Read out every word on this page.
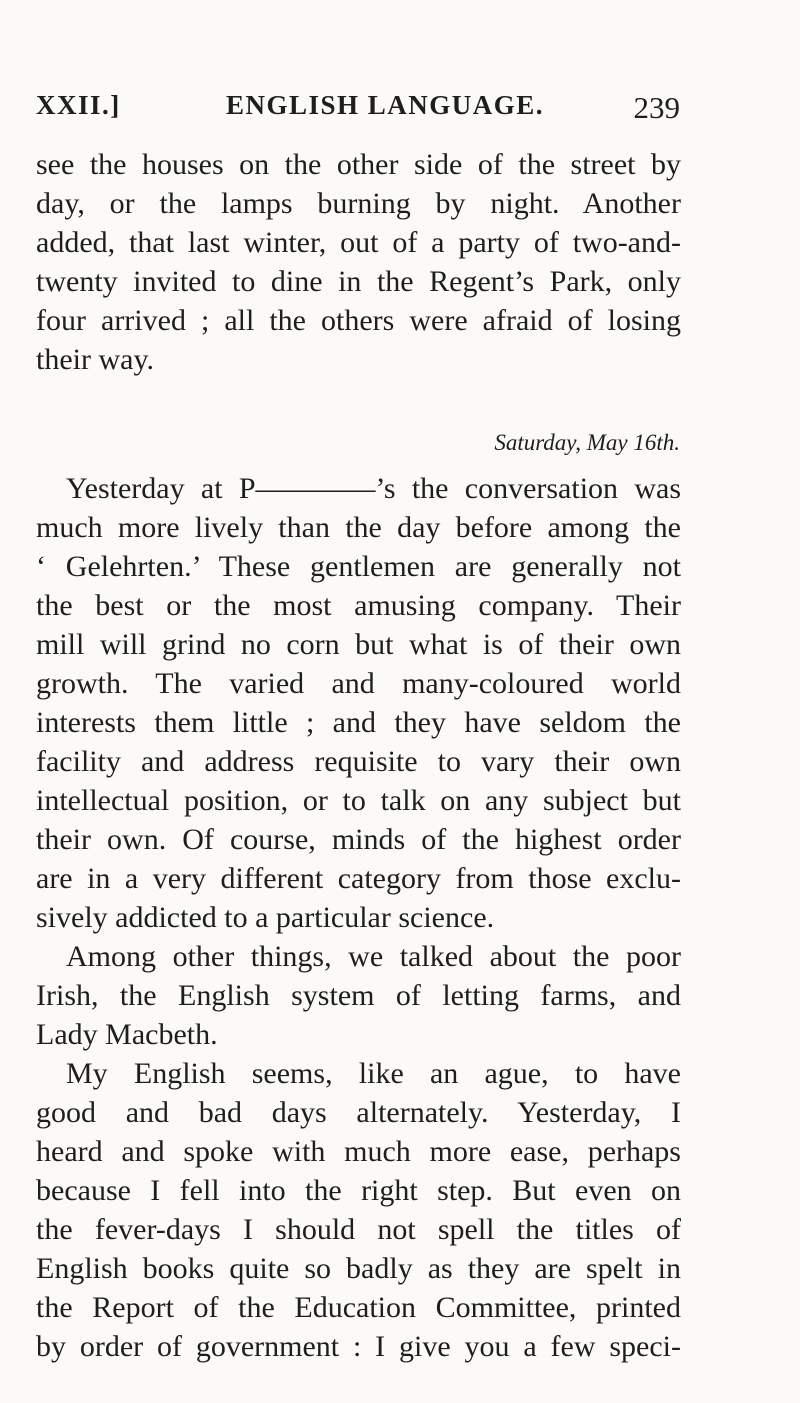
XXII.]	ENGLISH LANGUAGE.	239
see the houses on the other side of the street by
day, or the lamps burning by night. Another
added, that last winter, out of a party of two-and-
twenty invited to dine in the Regent’s Park, only
four arrived ; all the others were afraid of losing
their way.
Saturday, May 16th.
Yesterday at P————’s the conversation was
much more lively than the day before among the
‘ Gelehrten.’ These gentlemen are generally not
the best or the most amusing company. Their
mill will grind no corn but what is of their own
growth. The varied and many-coloured world
interests them little ; and they have seldom the
facility and address requisite to vary their own
intellectual position, or to talk on any subject but
their own. Of course, minds of the highest order
are in a very different category from those exclu-
sively addicted to a particular science.
Among other things, we talked about the poor
Irish, the English system of letting farms, and
Lady Macbeth.
My English seems, like an ague, to have
good and bad days alternately. Yesterday, I
heard and spoke with much more ease, perhaps
because I fell into the right step. But even on
the fever-days I should not spell the titles of
English books quite so badly as they are spelt in
the Report of the Education Committee, printed
by order of government : I give you a few speci-
